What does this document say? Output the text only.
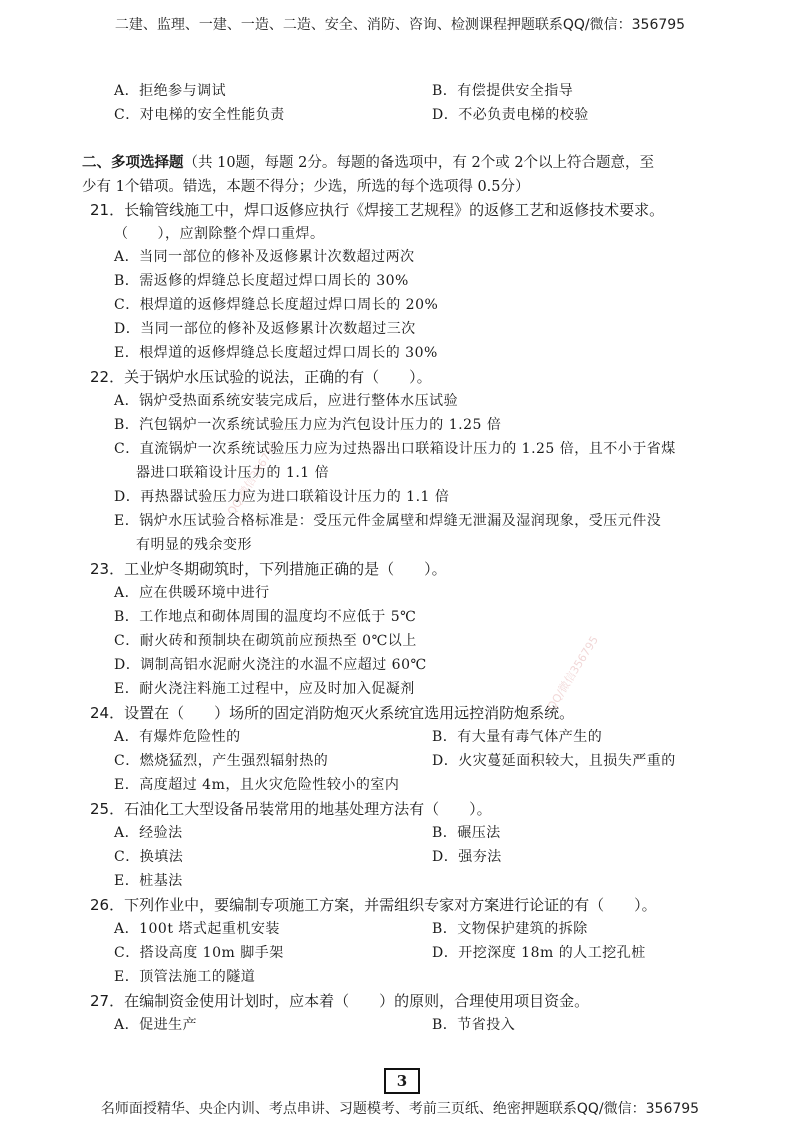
二建、监理、一建、一造、二造、安全、消防、咨询、检测课程押题联系QQ/微信：356795
QQ/微信356795
QQ/微信356795
A．拒绝参与调试	B．有偿提供安全指导
C．对电梯的安全性能负责	D．不必负责电梯的校验
二、多项选择题（共 10题，每题 2分。每题的备选项中，有 2个或 2个以上符合题意，至
少有 1个错项。错选，本题不得分；少选，所选的每个选项得 0.5分）
21．长输管线施工中，焊口返修应执行《焊接工艺规程》的返修工艺和返修技术要求。
（　　），应割除整个焊口重焊。
A．当同一部位的修补及返修累计次数超过两次
B．需返修的焊缝总长度超过焊口周长的 30%
C．根焊道的返修焊缝总长度超过焊口周长的 20%
D．当同一部位的修补及返修累计次数超过三次
E．根焊道的返修焊缝总长度超过焊口周长的 30%
22．关于锅炉水压试验的说法，正确的有（　　）。
A．锅炉受热面系统安装完成后，应进行整体水压试验
B．汽包锅炉一次系统试验压力应为汽包设计压力的 1.25 倍
C．直流锅炉一次系统试验压力应为过热器出口联箱设计压力的 1.25 倍，且不小于省煤
器进口联箱设计压力的 1.1 倍
D．再热器试验压力应为进口联箱设计压力的 1.1 倍
E．锅炉水压试验合格标准是：受压元件金属壁和焊缝无泄漏及湿润现象，受压元件没
有明显的残余变形
23．工业炉冬期砌筑时，下列措施正确的是（　　）。
A．应在供暖环境中进行
B．工作地点和砌体周围的温度均不应低于 5℃
C．耐火砖和预制块在砌筑前应预热至 0℃以上
D．调制高铝水泥耐火浇注的水温不应超过 60℃
E．耐火浇注料施工过程中，应及时加入促凝剂
24．设置在（　　）场所的固定消防炮灭火系统宜选用远控消防炮系统。
A．有爆炸危险性的	B．有大量有毒气体产生的
C．燃烧猛烈，产生强烈辐射热的	D．火灾蔓延面积较大，且损失严重的
E．高度超过 4m，且火灾危险性较小的室内
25．石油化工大型设备吊装常用的地基处理方法有（　　）。
A．经验法	B．碾压法
C．换填法	D．强夯法
E．桩基法
26．下列作业中，要编制专项施工方案，并需组织专家对方案进行论证的有（　　）。
A．100t 塔式起重机安装	B．文物保护建筑的拆除
C．搭设高度 10m 脚手架	D．开挖深度 18m 的人工挖孔桩
E．顶管法施工的隧道
27．在编制资金使用计划时，应本着（　　）的原则，合理使用项目资金。
A．促进生产	B．节省投入
3
名师面授精华、央企内训、考点串讲、习题模考、考前三页纸、绝密押题联系QQ/微信：356795
